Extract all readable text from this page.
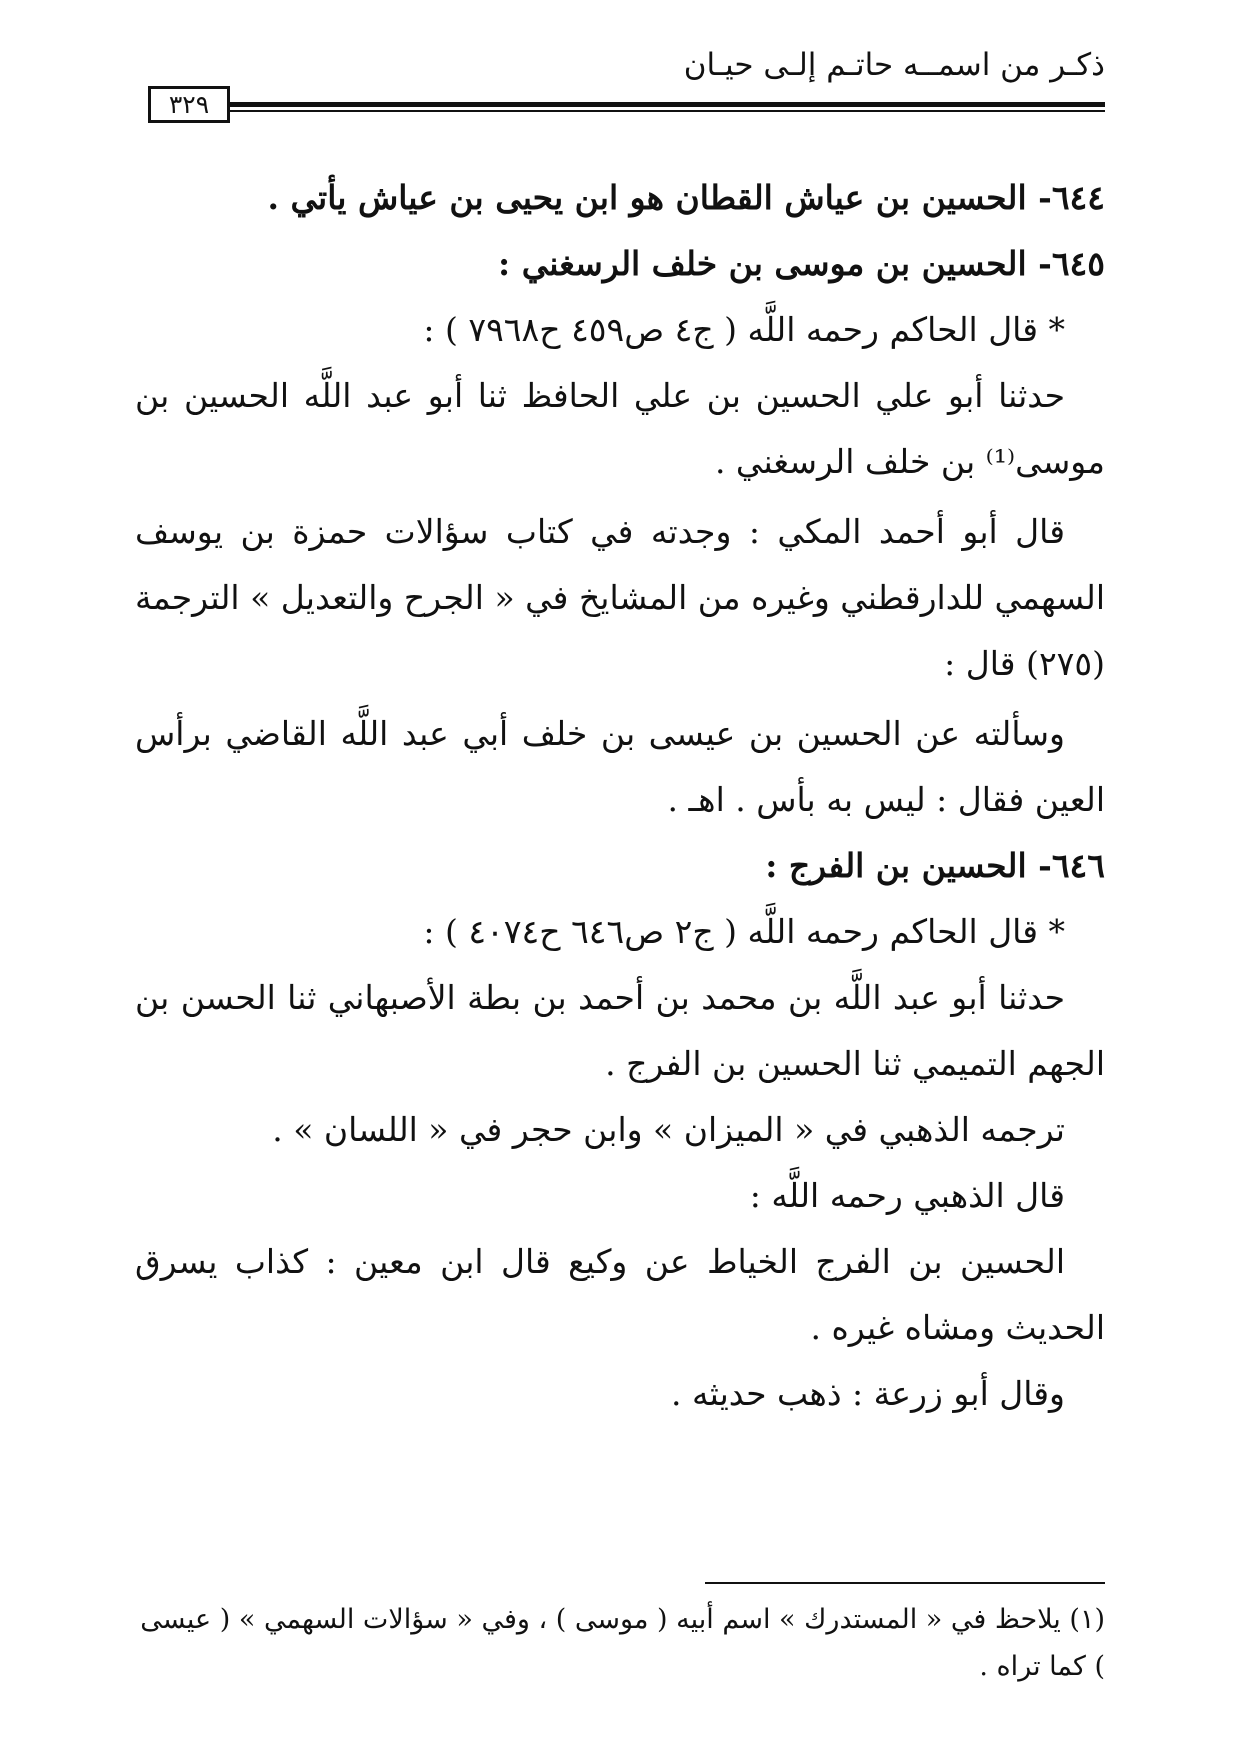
ذكـر من اسمــه حاتـم إلـى حيـان
٣٢٩
٦٤٤- الحسين بن عياش القطان هو ابن يحيى بن عياش يأتي .
٦٤٥- الحسين بن موسى بن خلف الرسغني :
* قال الحاكم رحمه اللَّه ( ج٤ ص٤٥٩ ح٧٩٦٨ ) :
حدثنا أبو علي الحسين بن علي الحافظ ثنا أبو عبد اللَّه الحسين بن موسى⁽¹⁾ بن خلف الرسغني .
قال أبو أحمد المكي : وجدته في كتاب سؤالات حمزة بن يوسف السهمي للدارقطني وغيره من المشايخ في « الجرح والتعديل » الترجمة (٢٧٥) قال :
وسألته عن الحسين بن عيسى بن خلف أبي عبد اللَّه القاضي برأس العين فقال : ليس به بأس . اهـ .
٦٤٦- الحسين بن الفرج :
* قال الحاكم رحمه اللَّه ( ج٢ ص٦٤٦ ح٤٠٧٤ ) :
حدثنا أبو عبد اللَّه بن محمد بن أحمد بن بطة الأصبهاني ثنا الحسن بن الجهم التميمي ثنا الحسين بن الفرج .
ترجمه الذهبي في « الميزان » وابن حجر في « اللسان » .
قال الذهبي رحمه اللَّه :
الحسين بن الفرج الخياط عن وكيع قال ابن معين : كذاب يسرق الحديث ومشاه غيره .
وقال أبو زرعة : ذهب حديثه .
(١) يلاحظ في « المستدرك » اسم أبيه ( موسى ) ، وفي « سؤالات السهمي » ( عيسى ) كما تراه .
